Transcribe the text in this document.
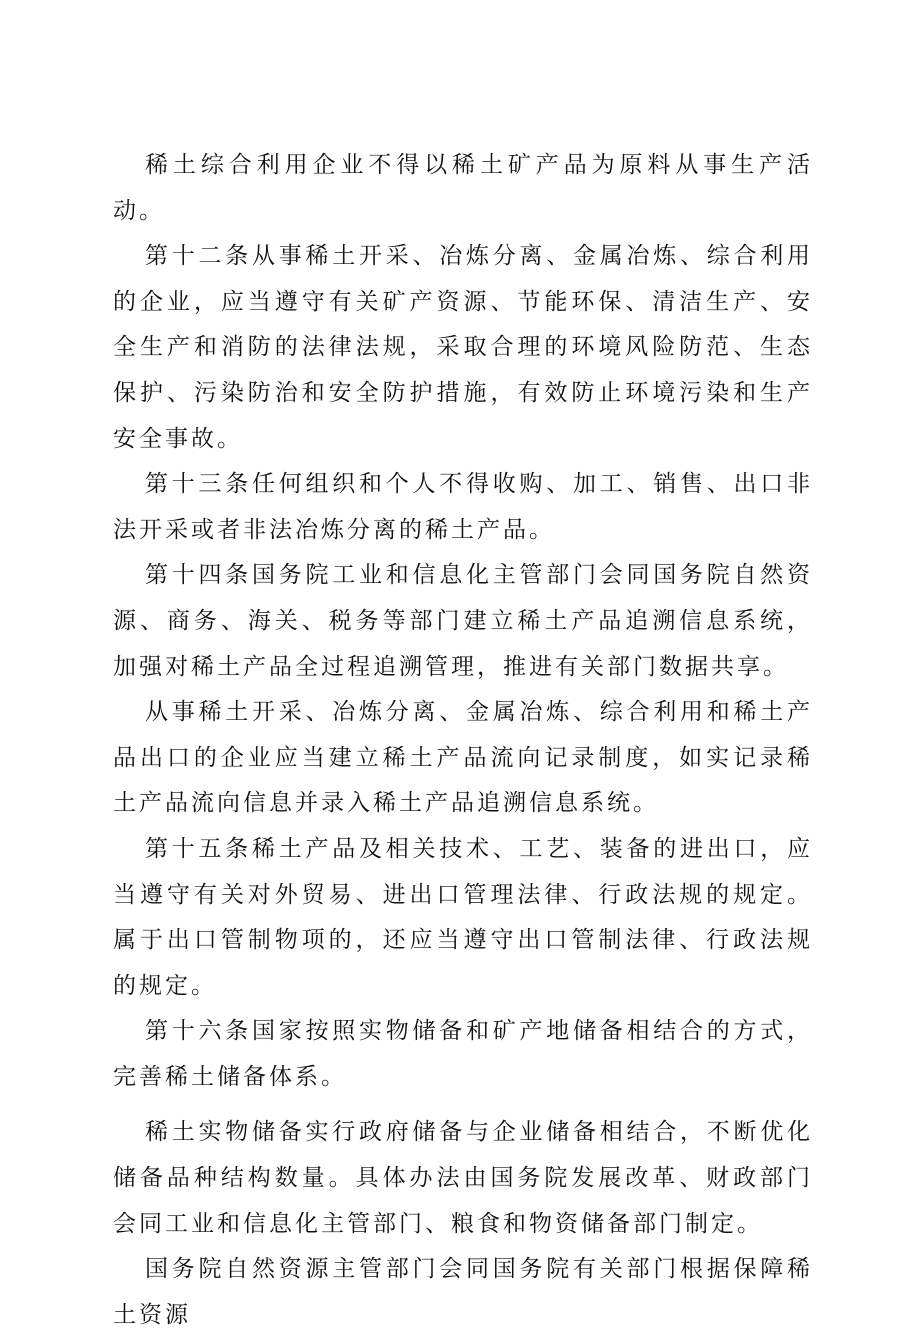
稀土综合利用企业不得以稀土矿产品为原料从事生产活动。

第十二条从事稀土开采、冶炼分离、金属冶炼、综合利用的企业，应当遵守有关矿产资源、节能环保、清洁生产、安全生产和消防的法律法规，采取合理的环境风险防范、生态保护、污染防治和安全防护措施，有效防止环境污染和生产安全事故。

第十三条任何组织和个人不得收购、加工、销售、出口非法开采或者非法冶炼分离的稀土产品。

第十四条国务院工业和信息化主管部门会同国务院自然资源、商务、海关、税务等部门建立稀土产品追溯信息系统，加强对稀土产品全过程追溯管理，推进有关部门数据共享。

从事稀土开采、冶炼分离、金属冶炼、综合利用和稀土产品出口的企业应当建立稀土产品流向记录制度，如实记录稀土产品流向信息并录入稀土产品追溯信息系统。

第十五条稀土产品及相关技术、工艺、装备的进出口，应当遵守有关对外贸易、进出口管理法律、行政法规的规定。属于出口管制物项的，还应当遵守出口管制法律、行政法规的规定。

第十六条国家按照实物储备和矿产地储备相结合的方式，完善稀土储备体系。

稀土实物储备实行政府储备与企业储备相结合，不断优化储备品种结构数量。具体办法由国务院发展改革、财政部门会同工业和信息化主管部门、粮食和物资储备部门制定。

国务院自然资源主管部门会同国务院有关部门根据保障稀土资源
